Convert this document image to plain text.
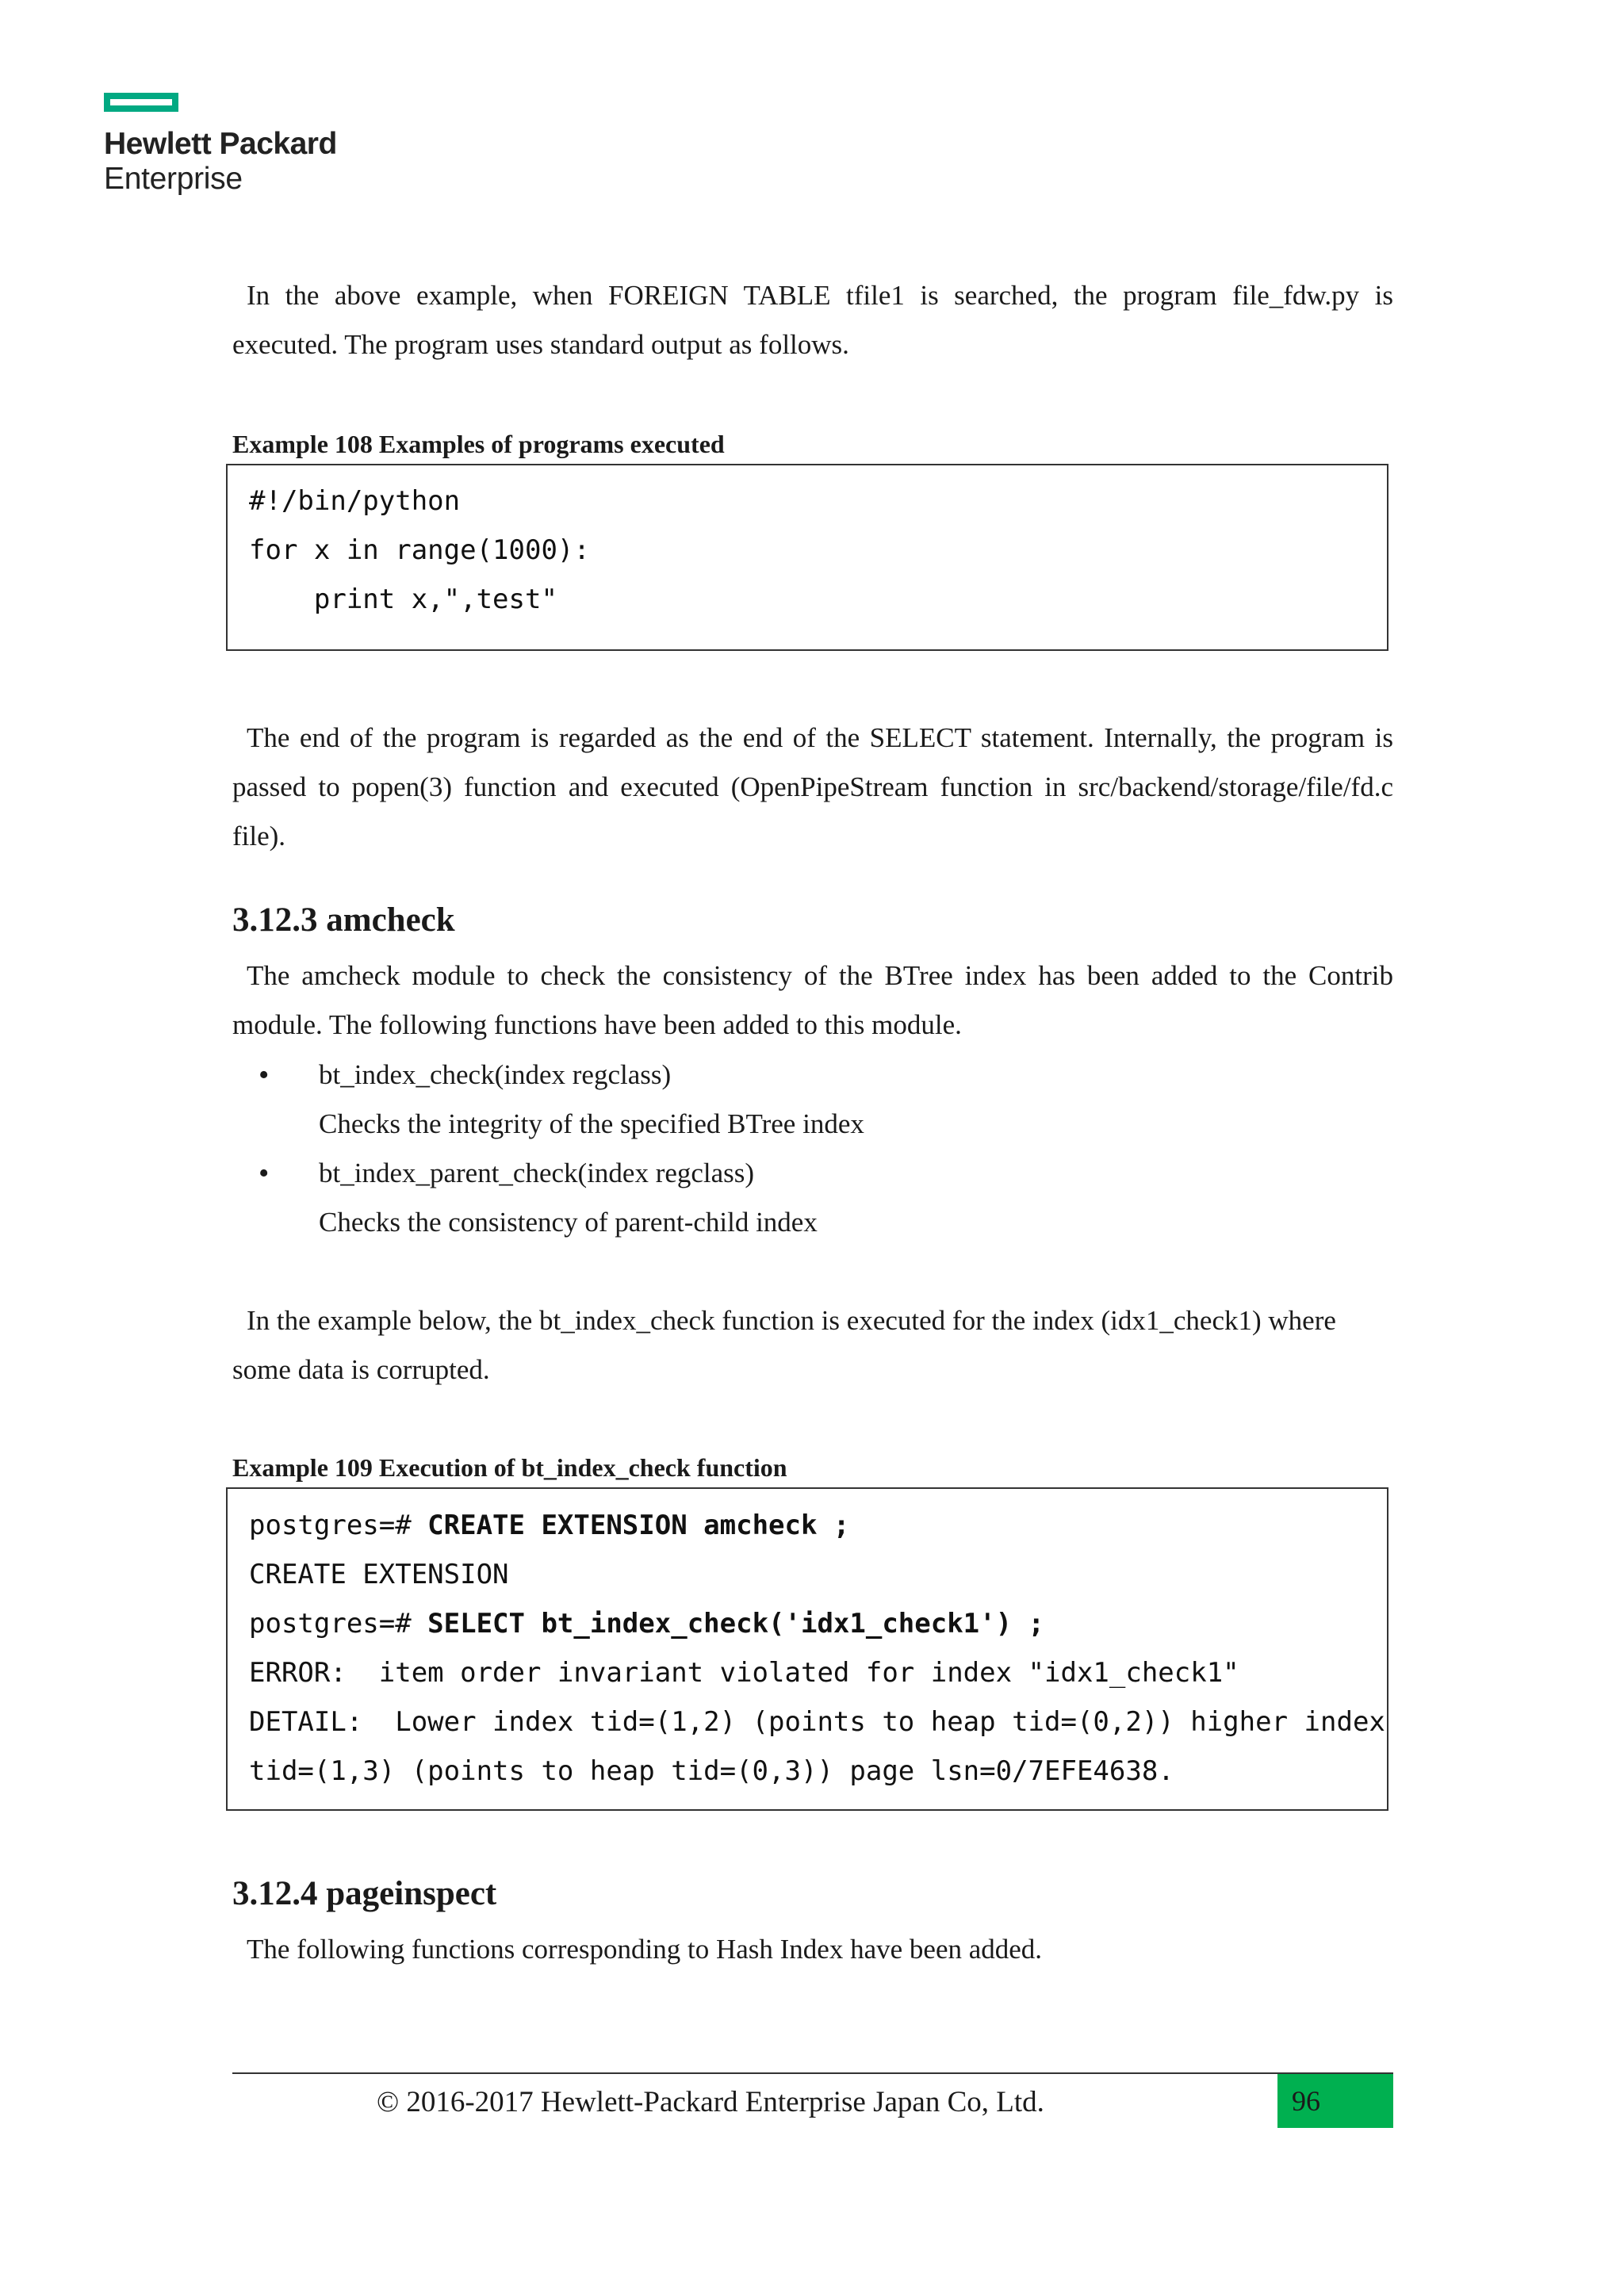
Hewlett Packard
Enterprise

In the above example, when FOREIGN TABLE tfile1 is searched, the program file_fdw.py is executed. The program uses standard output as follows.

Example 108 Examples of programs executed
#!/bin/python
for x in range(1000):
print x,",test"

The end of the program is regarded as the end of the SELECT statement. Internally, the program is passed to popen(3) function and executed (OpenPipeStream function in src/backend/storage/file/fd.c file).

3.12.3 amcheck

The amcheck module to check the consistency of the BTree index has been added to the Contrib module. The following functions have been added to this module.

• bt_index_check(index regclass)
Checks the integrity of the specified BTree index
• bt_index_parent_check(index regclass)
Checks the consistency of parent-child index

In the example below, the bt_index_check function is executed for the index (idx1_check1) where some data is corrupted.

Example 109 Execution of bt_index_check function
postgres=# CREATE EXTENSION amcheck ;
CREATE EXTENSION
postgres=# SELECT bt_index_check('idx1_check1') ;
ERROR:  item order invariant violated for index "idx1_check1"
DETAIL:  Lower index tid=(1,2) (points to heap tid=(0,2)) higher index
tid=(1,3) (points to heap tid=(0,3)) page lsn=0/7EFE4638.
3.12.4 pageinspect

The following functions corresponding to Hash Index have been added.

© 2016-2017 Hewlett-Packard Enterprise Japan Co, Ltd.	96
